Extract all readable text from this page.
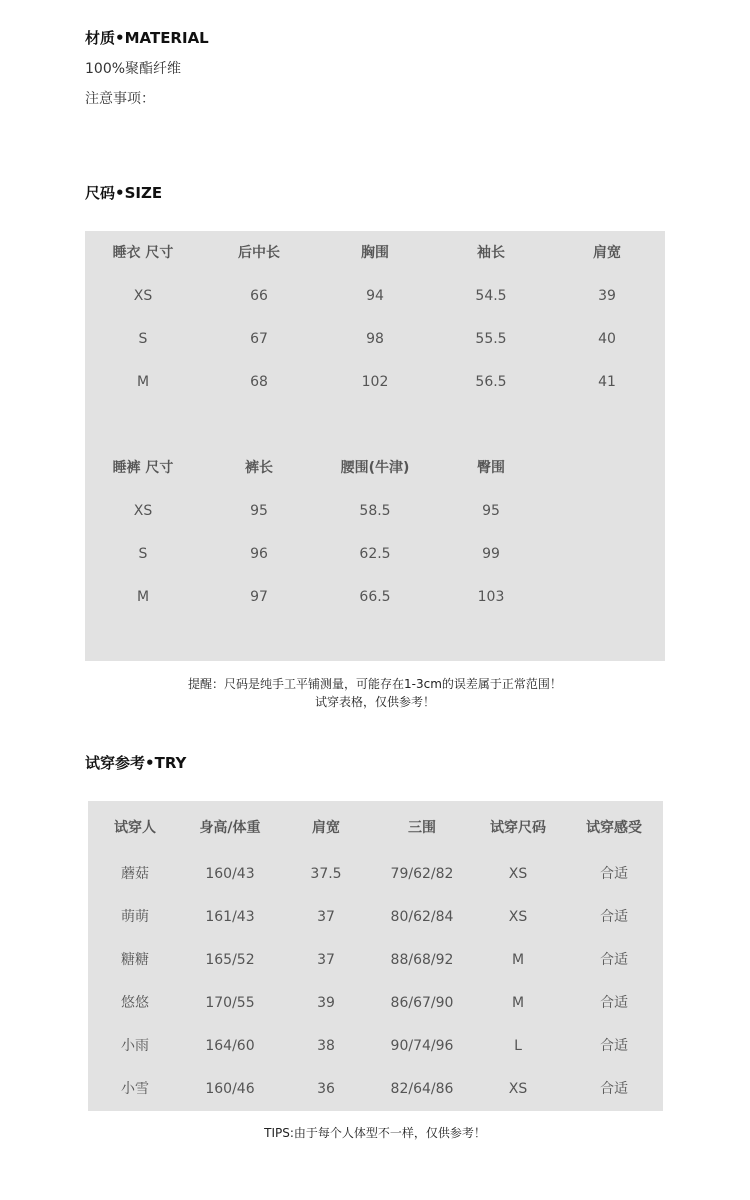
材质•MATERIAL
100%聚酯纤维
注意事项：
尺码•SIZE
睡衣 尺寸	后中长	胸围	袖长	肩宽
XS	66	94	54.5	39
S	67	98	55.5	40
M	68	102	56.5	41
睡裤 尺寸	裤长	腰围(牛津)	臀围
XS	95	58.5	95
S	96	62.5	99
M	97	66.5	103
提醒：尺码是纯手工平铺测量，可能存在1-3cm的误差属于正常范围！
试穿表格，仅供参考！
试穿参考•TRY
试穿人	身高/体重	肩宽	三围	试穿尺码	试穿感受
蘑菇	160/43	37.5	79/62/82	XS	合适
萌萌	161/43	37	80/62/84	XS	合适
糖糖	165/52	37	88/68/92	M	合适
悠悠	170/55	39	86/67/90	M	合适
小雨	164/60	38	90/74/96	L	合适
小雪	160/46	36	82/64/86	XS	合适
TIPS:由于每个人体型不一样，仅供参考！
